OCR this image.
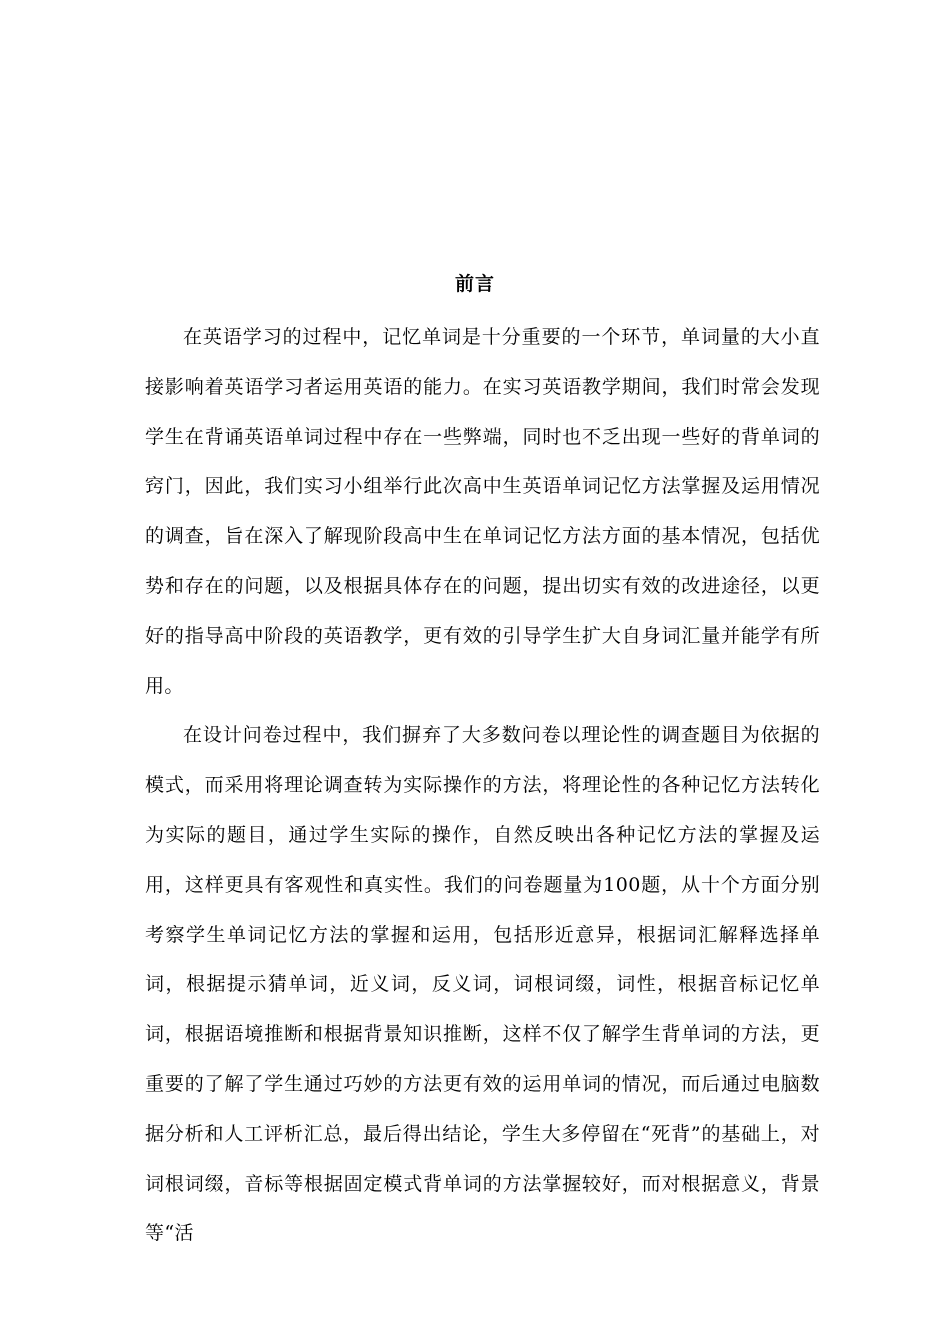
前言

在英语学习的过程中，记忆单词是十分重要的一个环节，单词量的大小直接影响着英语学习者运用英语的能力。在实习英语教学期间，我们时常会发现学生在背诵英语单词过程中存在一些弊端，同时也不乏出现一些好的背单词的窍门，因此，我们实习小组举行此次高中生英语单词记忆方法掌握及运用情况的调查，旨在深入了解现阶段高中生在单词记忆方法方面的基本情况，包括优势和存在的问题，以及根据具体存在的问题，提出切实有效的改进途径，以更好的指导高中阶段的英语教学，更有效的引导学生扩大自身词汇量并能学有所用。

在设计问卷过程中，我们摒弃了大多数问卷以理论性的调查题目为依据的模式，而采用将理论调查转为实际操作的方法，将理论性的各种记忆方法转化为实际的题目，通过学生实际的操作，自然反映出各种记忆方法的掌握及运用，这样更具有客观性和真实性。我们的问卷题量为100题，从十个方面分别考察学生单词记忆方法的掌握和运用，包括形近意异，根据词汇解释选择单词，根据提示猜单词，近义词，反义词，词根词缀，词性，根据音标记忆单词，根据语境推断和根据背景知识推断，这样不仅了解学生背单词的方法，更重要的了解了学生通过巧妙的方法更有效的运用单词的情况，而后通过电脑数据分析和人工评析汇总，最后得出结论，学生大多停留在“死背”的基础上，对词根词缀，音标等根据固定模式背单词的方法掌握较好，而对根据意义，背景等“活
